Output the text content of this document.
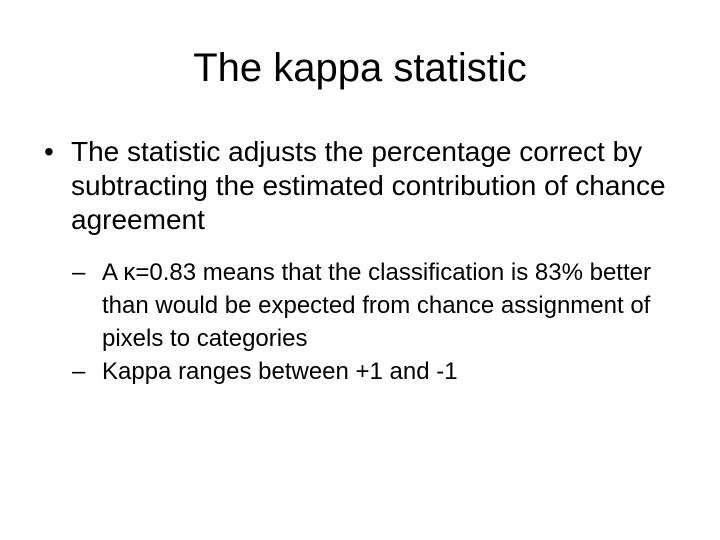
The kappa statistic
• The statistic adjusts the percentage correct by subtracting the estimated contribution of chance agreement
– A κ=0.83 means that the classification is 83% better than would be expected from chance assignment of pixels to categories
– Kappa ranges between +1 and -1
